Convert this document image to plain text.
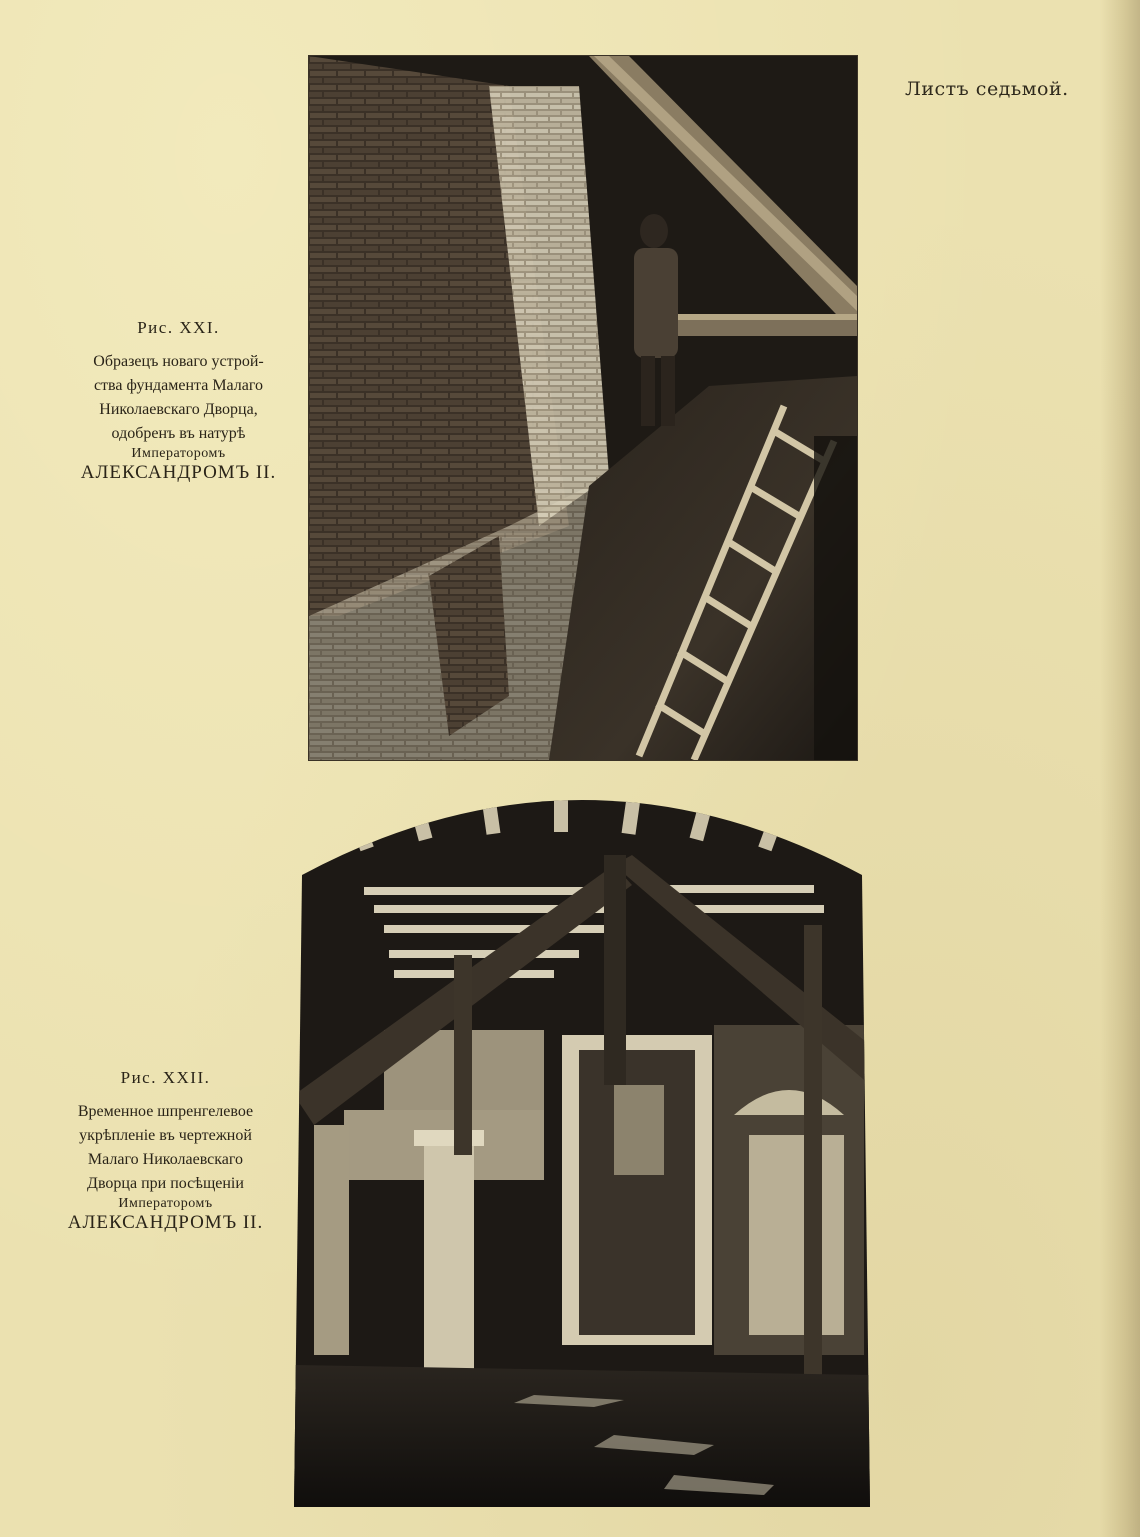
Листъ седьмой.
Рис. XXI.
Образецъ новаго устрой-
ства фундамента Малаго
Николаевскаго Дворца,
одобренъ въ натурѣ
Императоромъ
АЛЕКСАНДРОМЪ II.
Рис. XXII.
Временное шпренгелевое
укрѣпленіе въ чертежной
Малаго Николаевскаго
Дворца при посѣщеніи
Императоромъ
АЛЕКСАНДРОМЪ II.
